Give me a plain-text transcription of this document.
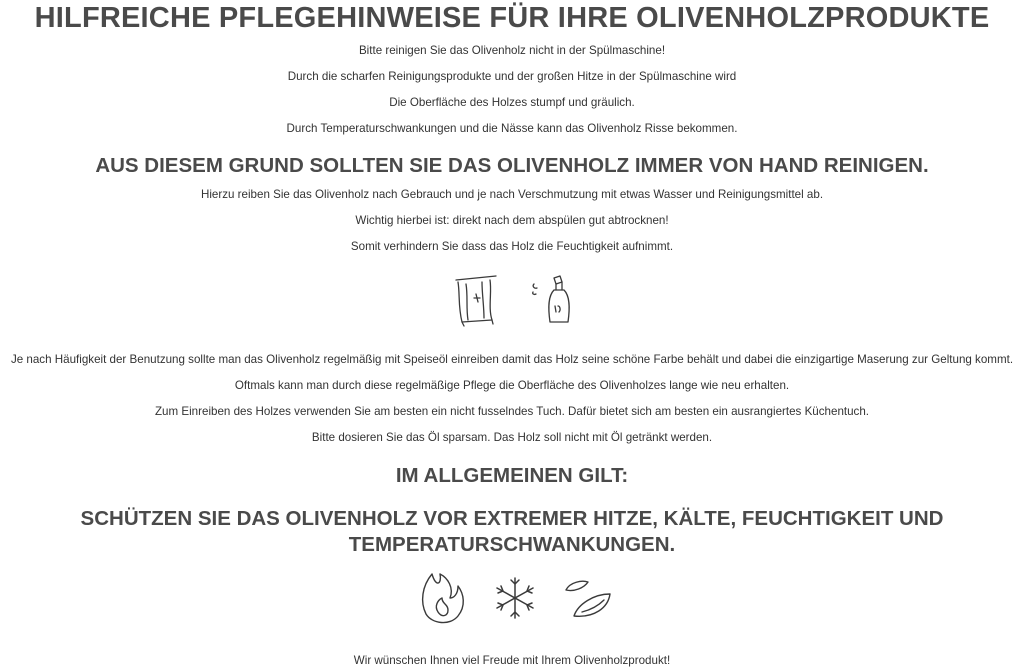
HILFREICHE PFLEGEHINWEISE FÜR IHRE OLIVENHOLZPRODUKTE

Bitte reinigen Sie das Olivenholz nicht in der Spülmaschine!

Durch die scharfen Reinigungsprodukte und der großen Hitze in der Spülmaschine wird

Die Oberfläche des Holzes stumpf und gräulich.

Durch Temperaturschwankungen und die Nässe kann das Olivenholz Risse bekommen.

AUS DIESEM GRUND SOLLTEN SIE DAS OLIVENHOLZ IMMER VON HAND REINIGEN.

Hierzu reiben Sie das Olivenholz nach Gebrauch und je nach Verschmutzung mit etwas Wasser und Reinigungsmittel ab.

Wichtig hierbei ist: direkt nach dem abspülen gut abtrocknen!

Somit verhindern Sie dass das Holz die Feuchtigkeit aufnimmt.

Je nach Häufigkeit der Benutzung sollte man das Olivenholz regelmäßig mit Speiseöl einreiben damit das Holz seine schöne Farbe behält und dabei die einzigartige Maserung zur Geltung kommt.

Oftmals kann man durch diese regelmäßige Pflege die Oberfläche des Olivenholzes lange wie neu erhalten.

Zum Einreiben des Holzes verwenden Sie am besten ein nicht fusselndes Tuch. Dafür bietet sich am besten ein ausrangiertes Küchentuch.

Bitte dosieren Sie das Öl sparsam. Das Holz soll nicht mit Öl getränkt werden.

IM ALLGEMEINEN GILT:
SCHÜTZEN SIE DAS OLIVENHOLZ VOR EXTREMER HITZE, KÄLTE, FEUCHTIGKEIT UND
TEMPERATURSCHWANKUNGEN.

Wir wünschen Ihnen viel Freude mit Ihrem Olivenholzprodukt!
